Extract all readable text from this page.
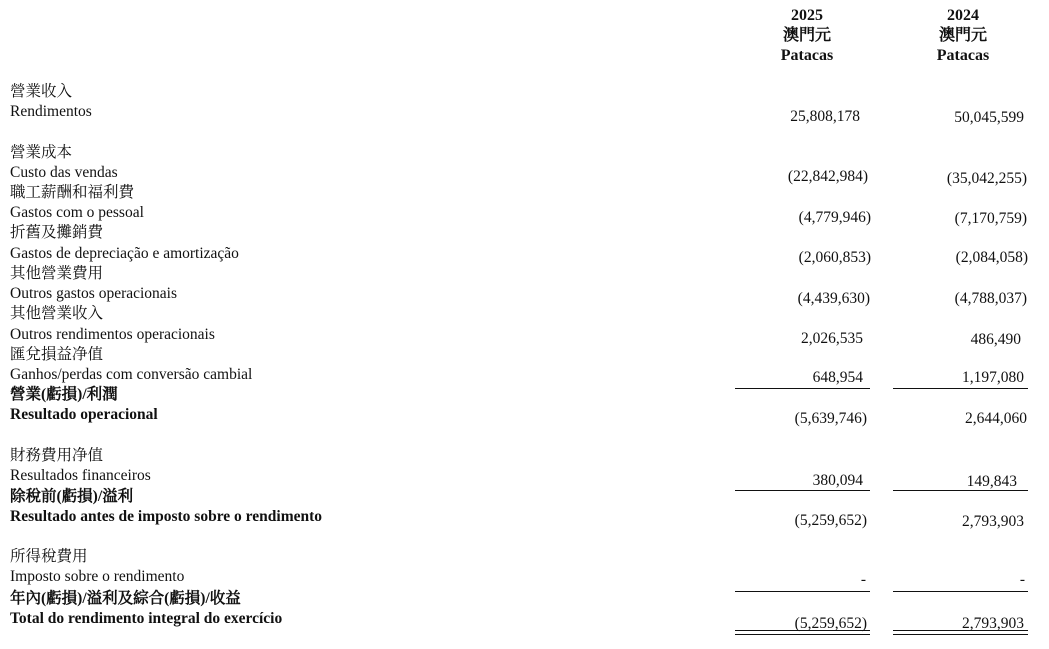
2025
澳門元
Patacas
2024
澳門元
Patacas
營業收入
Rendimentos	25,808,178	50,045,599
營業成本
Custo das vendas	(22,842,984)	(35,042,255)
職工薪酬和福利費
Gastos com o pessoal	(4,779,946)	(7,170,759)
折舊及攤銷費
Gastos de depreciação e amortização	(2,060,853)	(2,084,058)
其他營業費用
Outros gastos operacionais	(4,439,630)	(4,788,037)
其他營業收入
Outros rendimentos operacionais	2,026,535	486,490
匯兌損益净值
Ganhos/perdas com conversão cambial	648,954	1,197,080
營業(虧損)/利潤
Resultado operacional	(5,639,746)	2,644,060
財務費用净值
Resultados financeiros	380,094	149,843
除稅前(虧損)/溢利
Resultado antes de imposto sobre o rendimento	(5,259,652)	2,793,903
所得稅費用
Imposto sobre o rendimento	-	-
年內(虧損)/溢利及綜合(虧損)/收益
Total do rendimento integral do exercício	(5,259,652)	2,793,903
